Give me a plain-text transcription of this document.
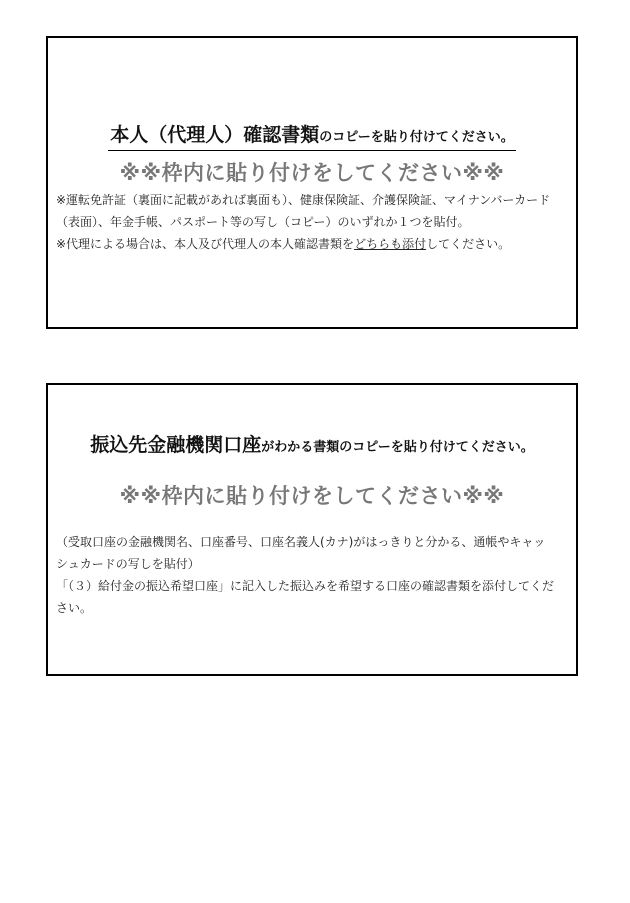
本人（代理人）確認書類のコピーを貼り付けてください。
※※枠内に貼り付けをしてください※※

※運転免許証（裏面に記載があれば裏面も）、健康保険証、介護保険証、マイナンバーカード（表面）、年金手帳、パスポート等の写し（コピー）のいずれか１つを貼付。

※代理による場合は、本人及び代理人の本人確認書類をどちらも添付してください。

振込先金融機関口座がわかる書類のコピーを貼り付けてください。
※※枠内に貼り付けをしてください※※

（受取口座の金融機関名、口座番号、口座名義人(カナ)がはっきりと分かる、通帳やキャッシュカードの写しを貼付）

「（３）給付金の振込希望口座」に記入した振込みを希望する口座の確認書類を添付してください。
